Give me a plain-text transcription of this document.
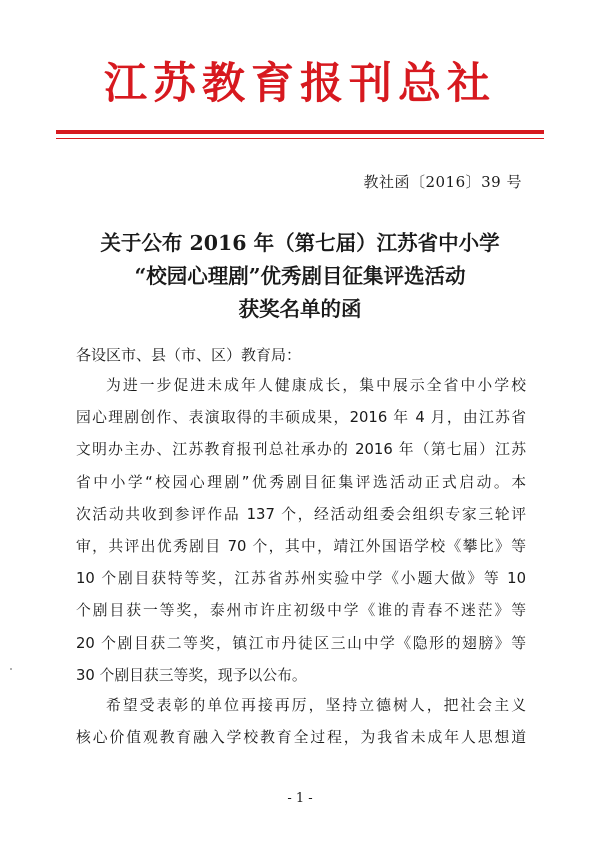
江苏教育报刊总社
教社函〔2016〕39 号
关于公布 2016 年（第七届）江苏省中小学
“校园心理剧”优秀剧目征集评选活动
获奖名单的函
各设区市、县（市、区）教育局：
为进一步促进未成年人健康成长，集中展示全省中小学校
园心理剧创作、表演取得的丰硕成果，2016 年 4 月，由江苏省
文明办主办、江苏教育报刊总社承办的 2016 年（第七届）江苏
省中小学“校园心理剧”优秀剧目征集评选活动正式启动。本
次活动共收到参评作品 137 个，经活动组委会组织专家三轮评
审，共评出优秀剧目 70 个，其中，靖江外国语学校《攀比》等
10 个剧目获特等奖，江苏省苏州实验中学《小题大做》等 10
个剧目获一等奖，泰州市许庄初级中学《谁的青春不迷茫》等
20 个剧目获二等奖，镇江市丹徒区三山中学《隐形的翅膀》等
30 个剧目获三等奖，现予以公布。
希望受表彰的单位再接再厉，坚持立德树人，把社会主义
核心价值观教育融入学校教育全过程，为我省未成年人思想道
- 1 -
